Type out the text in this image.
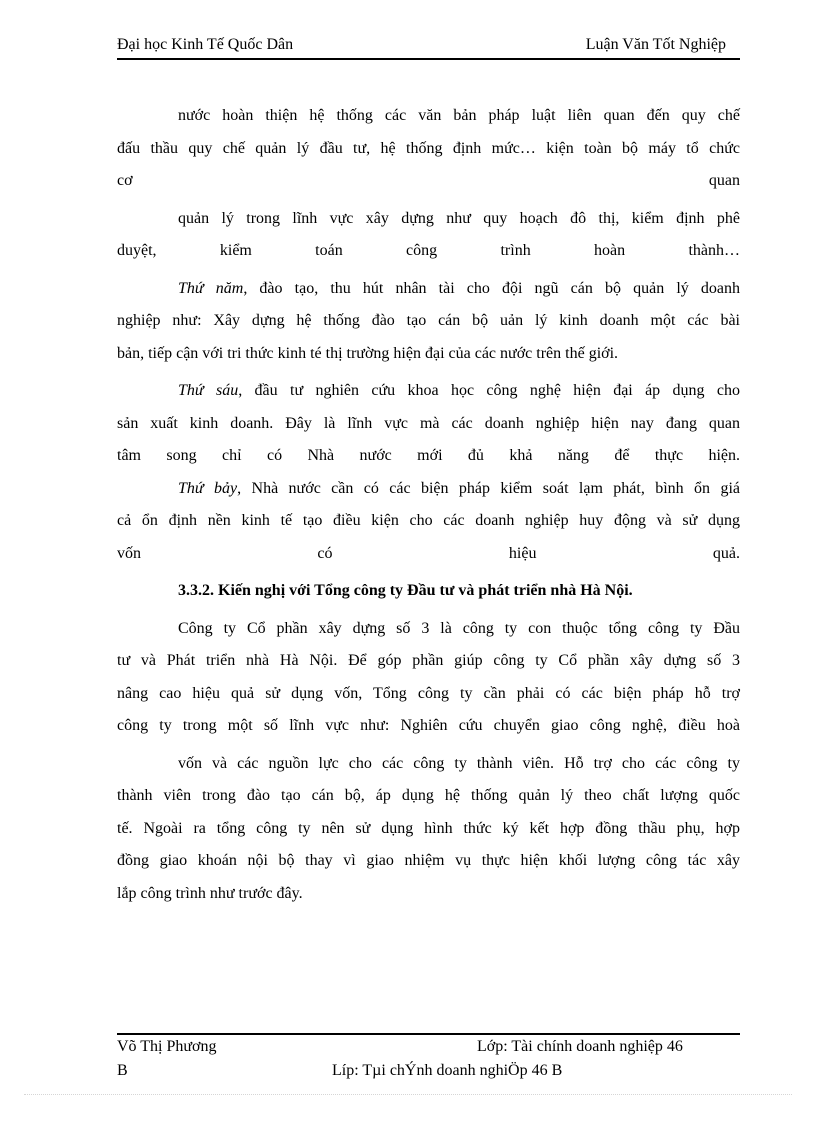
Đại học Kinh Tế Quốc Dân	Luận Văn Tốt Nghiệp
nước hoàn thiện hệ thống các văn bản pháp luật liên quan đến quy chế
đấu thầu quy chế quản lý đầu tư, hệ thống định mức… kiện toàn bộ máy tổ chức
cơ quan
quản lý trong lĩnh vực xây dựng như quy hoạch đô thị, kiểm định phê
duyệt, kiểm toán công trình hoàn thành…
Thứ năm, đào tạo, thu hút nhân tài cho đội ngũ cán bộ quản lý doanh
nghiệp như: Xây dựng hệ thống đào tạo cán bộ uản lý kinh doanh một các bài
bản, tiếp cận với tri thức kinh té thị trường hiện đại của các nước trên thế giới.
Thứ sáu, đầu tư nghiên cứu khoa học công nghệ hiện đại áp dụng cho
sản xuất kinh doanh. Đây là lĩnh vực mà các doanh nghiệp hiện nay đang quan
tâm song chỉ có Nhà nước mới đủ khả năng để thực hiện.
Thứ bảy, Nhà nước cần có các biện pháp kiểm soát lạm phát, bình ổn giá
cả ổn định nền kinh tế tạo điều kiện cho các doanh nghiệp huy động và sử dụng
vốn có hiệu quả.
3.3.2. Kiến nghị với Tổng công ty Đầu tư và phát triển nhà Hà Nội.
Công ty Cổ phần xây dựng số 3 là công ty con thuộc tổng công ty Đầu
tư và Phát triển nhà Hà Nội. Để góp phần giúp công ty Cổ phần xây dựng số 3
nâng cao hiệu quả sử dụng vốn, Tổng công ty cần phải có các biện pháp hỗ trợ
công ty trong một số lĩnh vực như: Nghiên cứu chuyển giao công nghệ, điều hoà
vốn và các nguồn lực cho các công ty thành viên. Hỗ trợ cho các công ty
thành viên trong đào tạo cán bộ, áp dụng hệ thống quản lý theo chất lượng quốc
tế. Ngoài ra tổng công ty nên sử dụng hình thức ký kết hợp đồng thầu phụ, hợp
đồng giao khoán nội bộ thay vì giao nhiệm vụ thực hiện khối lượng công tác xây
lắp công trình như trước đây.
Võ Thị Phương
B
Lớp: Tài chính doanh nghiệp 46
Líp: Tµi chÝnh doanh nghiÖp 46 B
